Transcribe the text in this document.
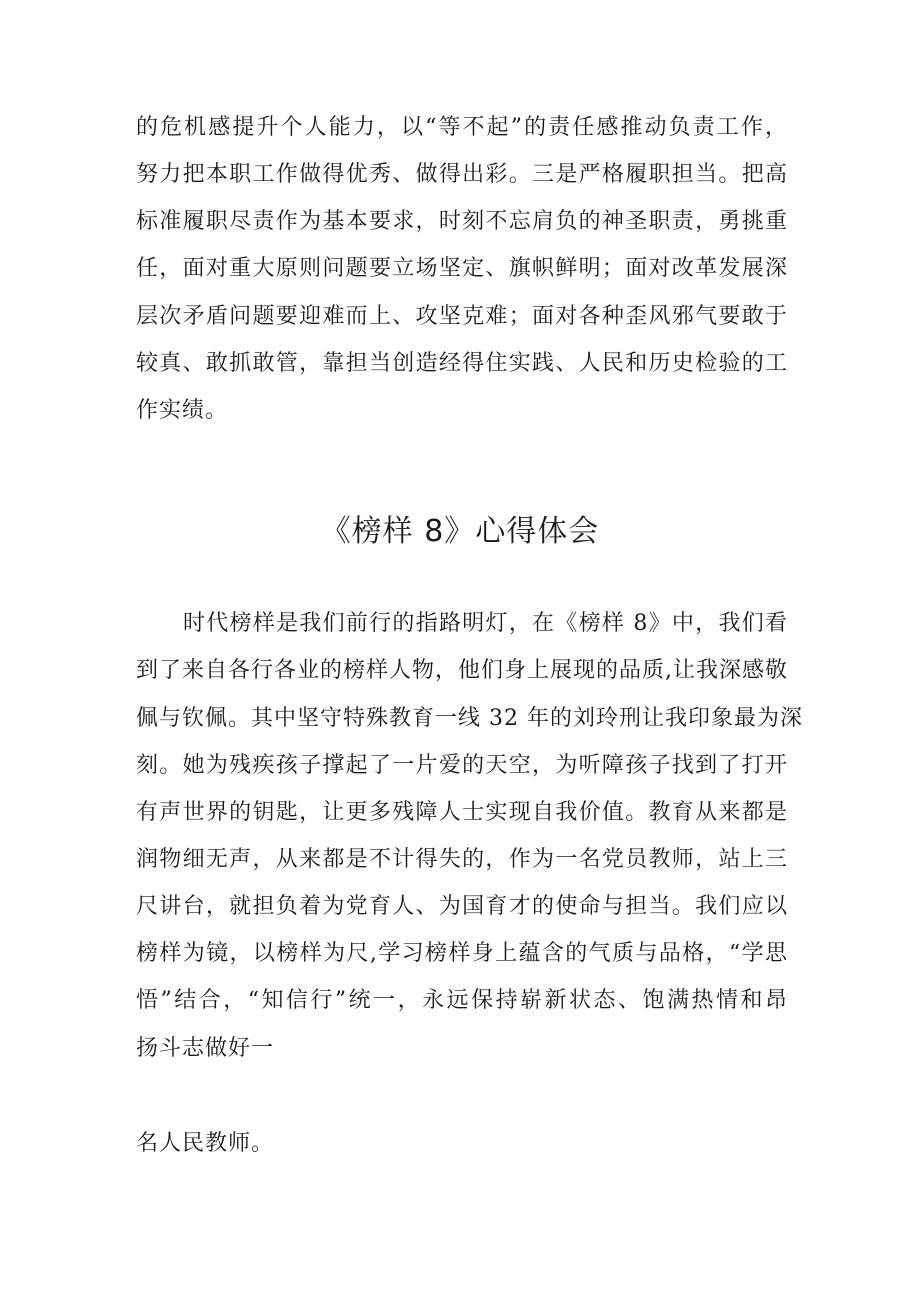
的危机感提升个人能力，以“等不起”的责任感推动负责工作，
努力把本职工作做得优秀、做得出彩。三是严格履职担当。把高
标准履职尽责作为基本要求，时刻不忘肩负的神圣职责，勇挑重
任，面对重大原则问题要立场坚定、旗帜鲜明；面对改革发展深
层次矛盾问题要迎难而上、攻坚克难；面对各种歪风邪气要敢于
较真、敢抓敢管，靠担当创造经得住实践、人民和历史检验的工
作实绩。
《榜样 8》心得体会
时代榜样是我们前行的指路明灯，在《榜样 8》中，我们看
到了来自各行各业的榜样人物，他们身上展现的品质,让我深感敬
佩与钦佩。其中坚守特殊教育一线 32 年的刘玲刑让我印象最为深
刻。她为残疾孩子撑起了一片爱的天空，为听障孩子找到了打开
有声世界的钥匙，让更多残障人士实现自我价值。教育从来都是
润物细无声，从来都是不计得失的，作为一名党员教师，站上三
尺讲台，就担负着为党育人、为国育才的使命与担当。我们应以
榜样为镜，以榜样为尺,学习榜样身上蕴含的气质与品格，“学思
悟”结合，“知信行”统一，永远保持崭新状态、饱满热情和昂
扬斗志做好一
名人民教师。
